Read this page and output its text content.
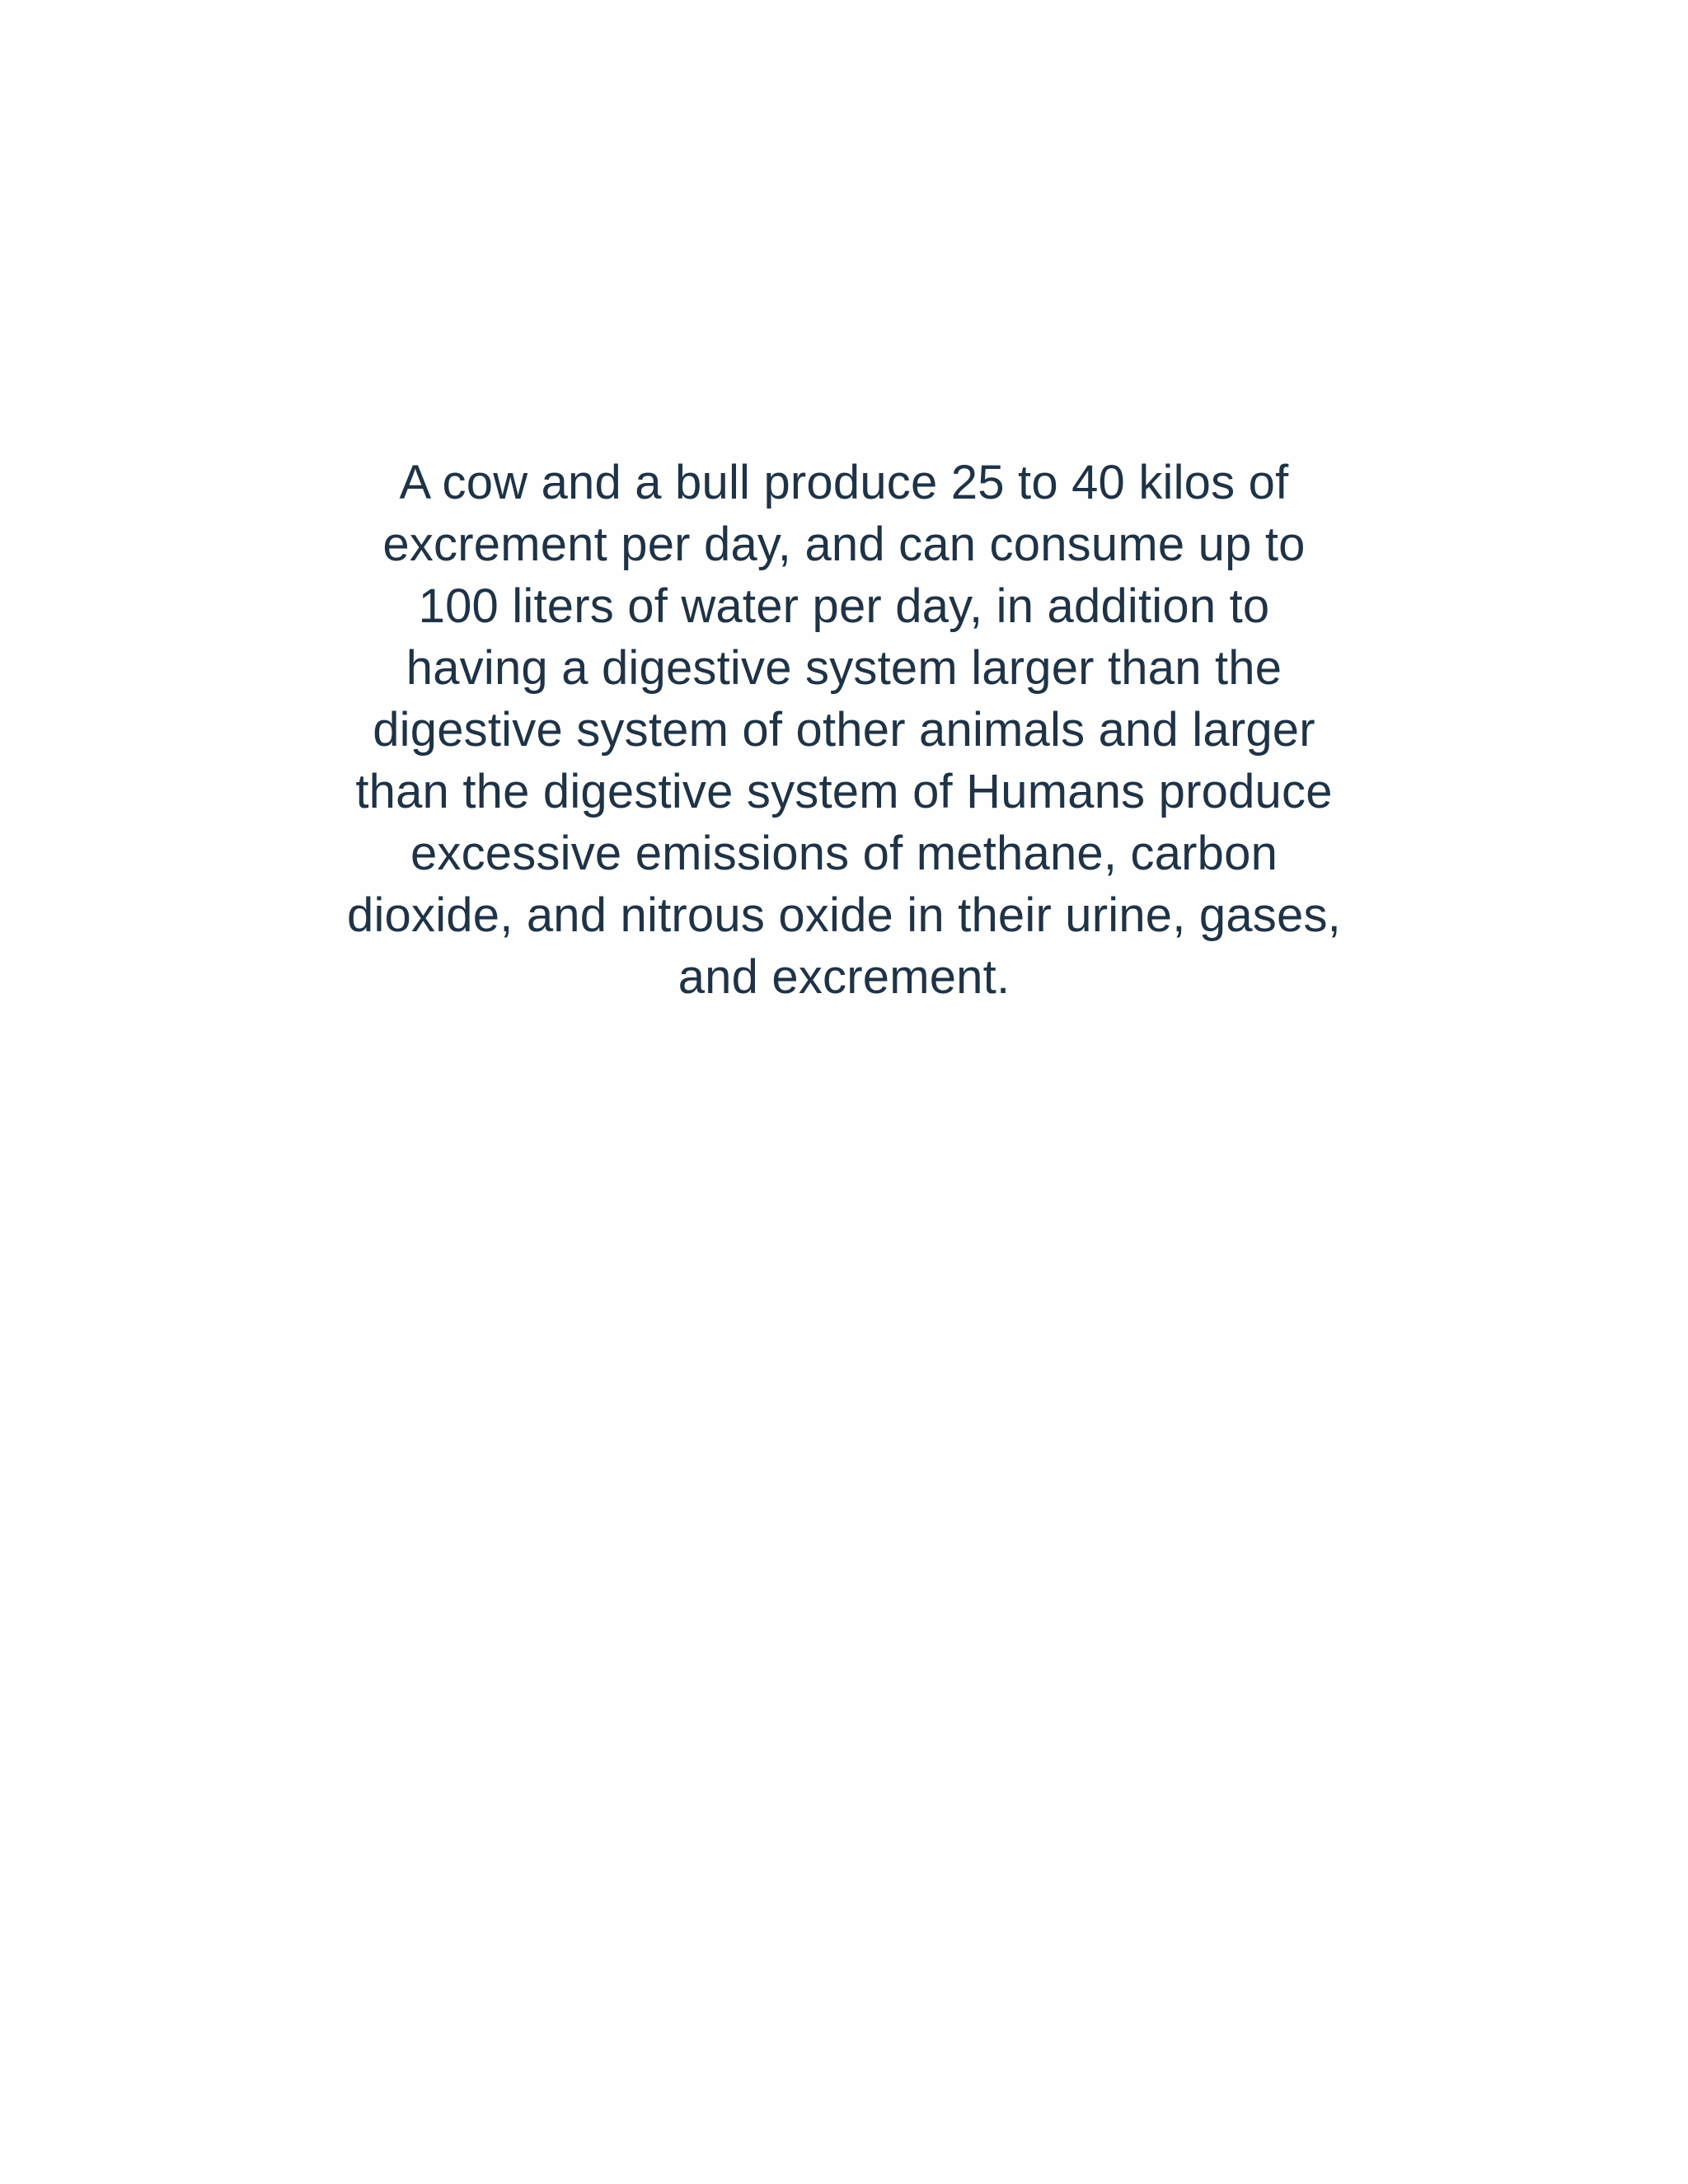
A cow and a bull produce 25 to 40 kilos of
excrement per day, and can consume up to
100 liters of water per day, in addition to
having a digestive system larger than the
digestive system of other animals and larger
than the digestive system of Humans produce
excessive emissions of methane, carbon
dioxide, and nitrous oxide in their urine, gases,
and excrement.
